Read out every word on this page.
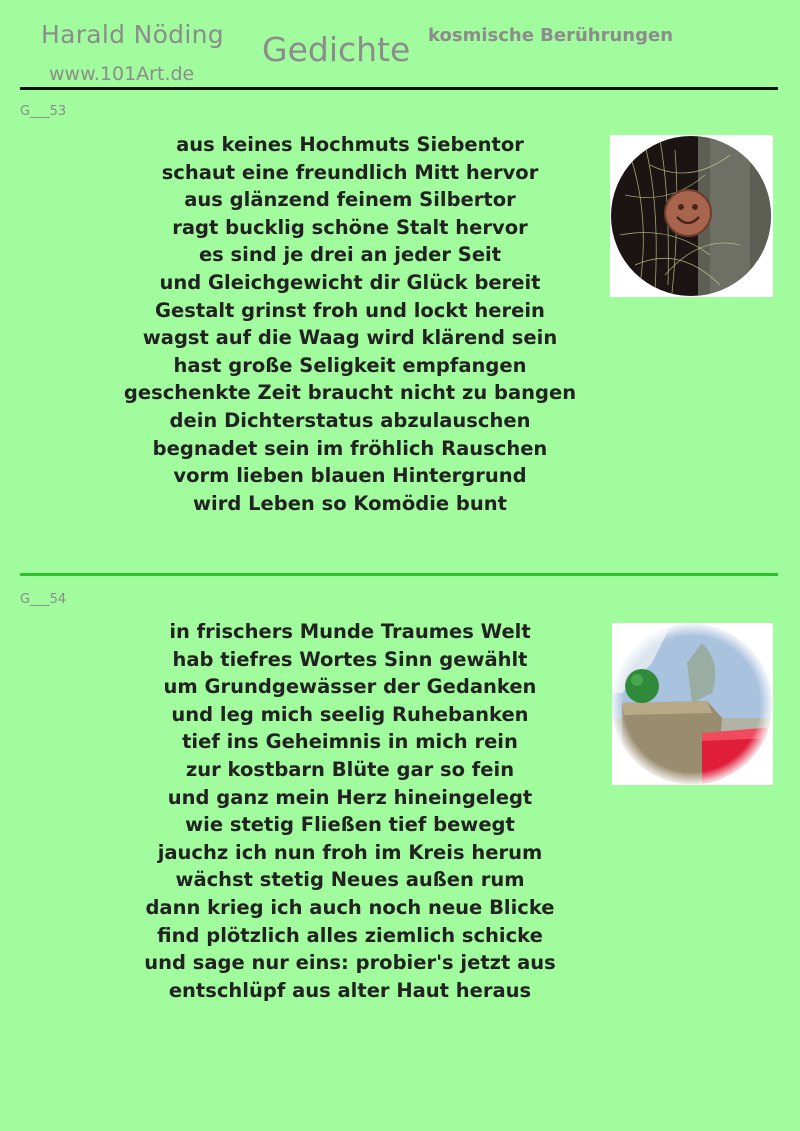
Harald Nöding
www.101Art.de
Gedichte kosmische Berührungen
G___53
aus keines Hochmuts Siebentor
schaut eine freundlich Mitt hervor
aus glänzend feinem Silbertor
ragt bucklig schöne Stalt hervor
es sind je drei an jeder Seit
und Gleichgewicht dir Glück bereit
Gestalt grinst froh und lockt herein
wagst auf die Waag wird klärend sein
hast große Seligkeit empfangen
geschenkte Zeit braucht nicht zu bangen
dein Dichterstatus abzulauschen
begnadet sein im fröhlich Rauschen
vorm lieben blauen Hintergrund
wird Leben so Komödie bunt
G___54
in frischers Munde Traumes Welt
hab tiefres Wortes Sinn gewählt
um Grundgewässer der Gedanken
und leg mich seelig Ruhebanken
tief ins Geheimnis in mich rein
zur kostbarn Blüte gar so fein
und ganz mein Herz hineingelegt
wie stetig Fließen tief bewegt
jauchz ich nun froh im Kreis herum
wächst stetig Neues außen rum
dann krieg ich auch noch neue Blicke
find plötzlich alles ziemlich schicke
und sage nur eins: probier's jetzt aus
entschlüpf aus alter Haut heraus
